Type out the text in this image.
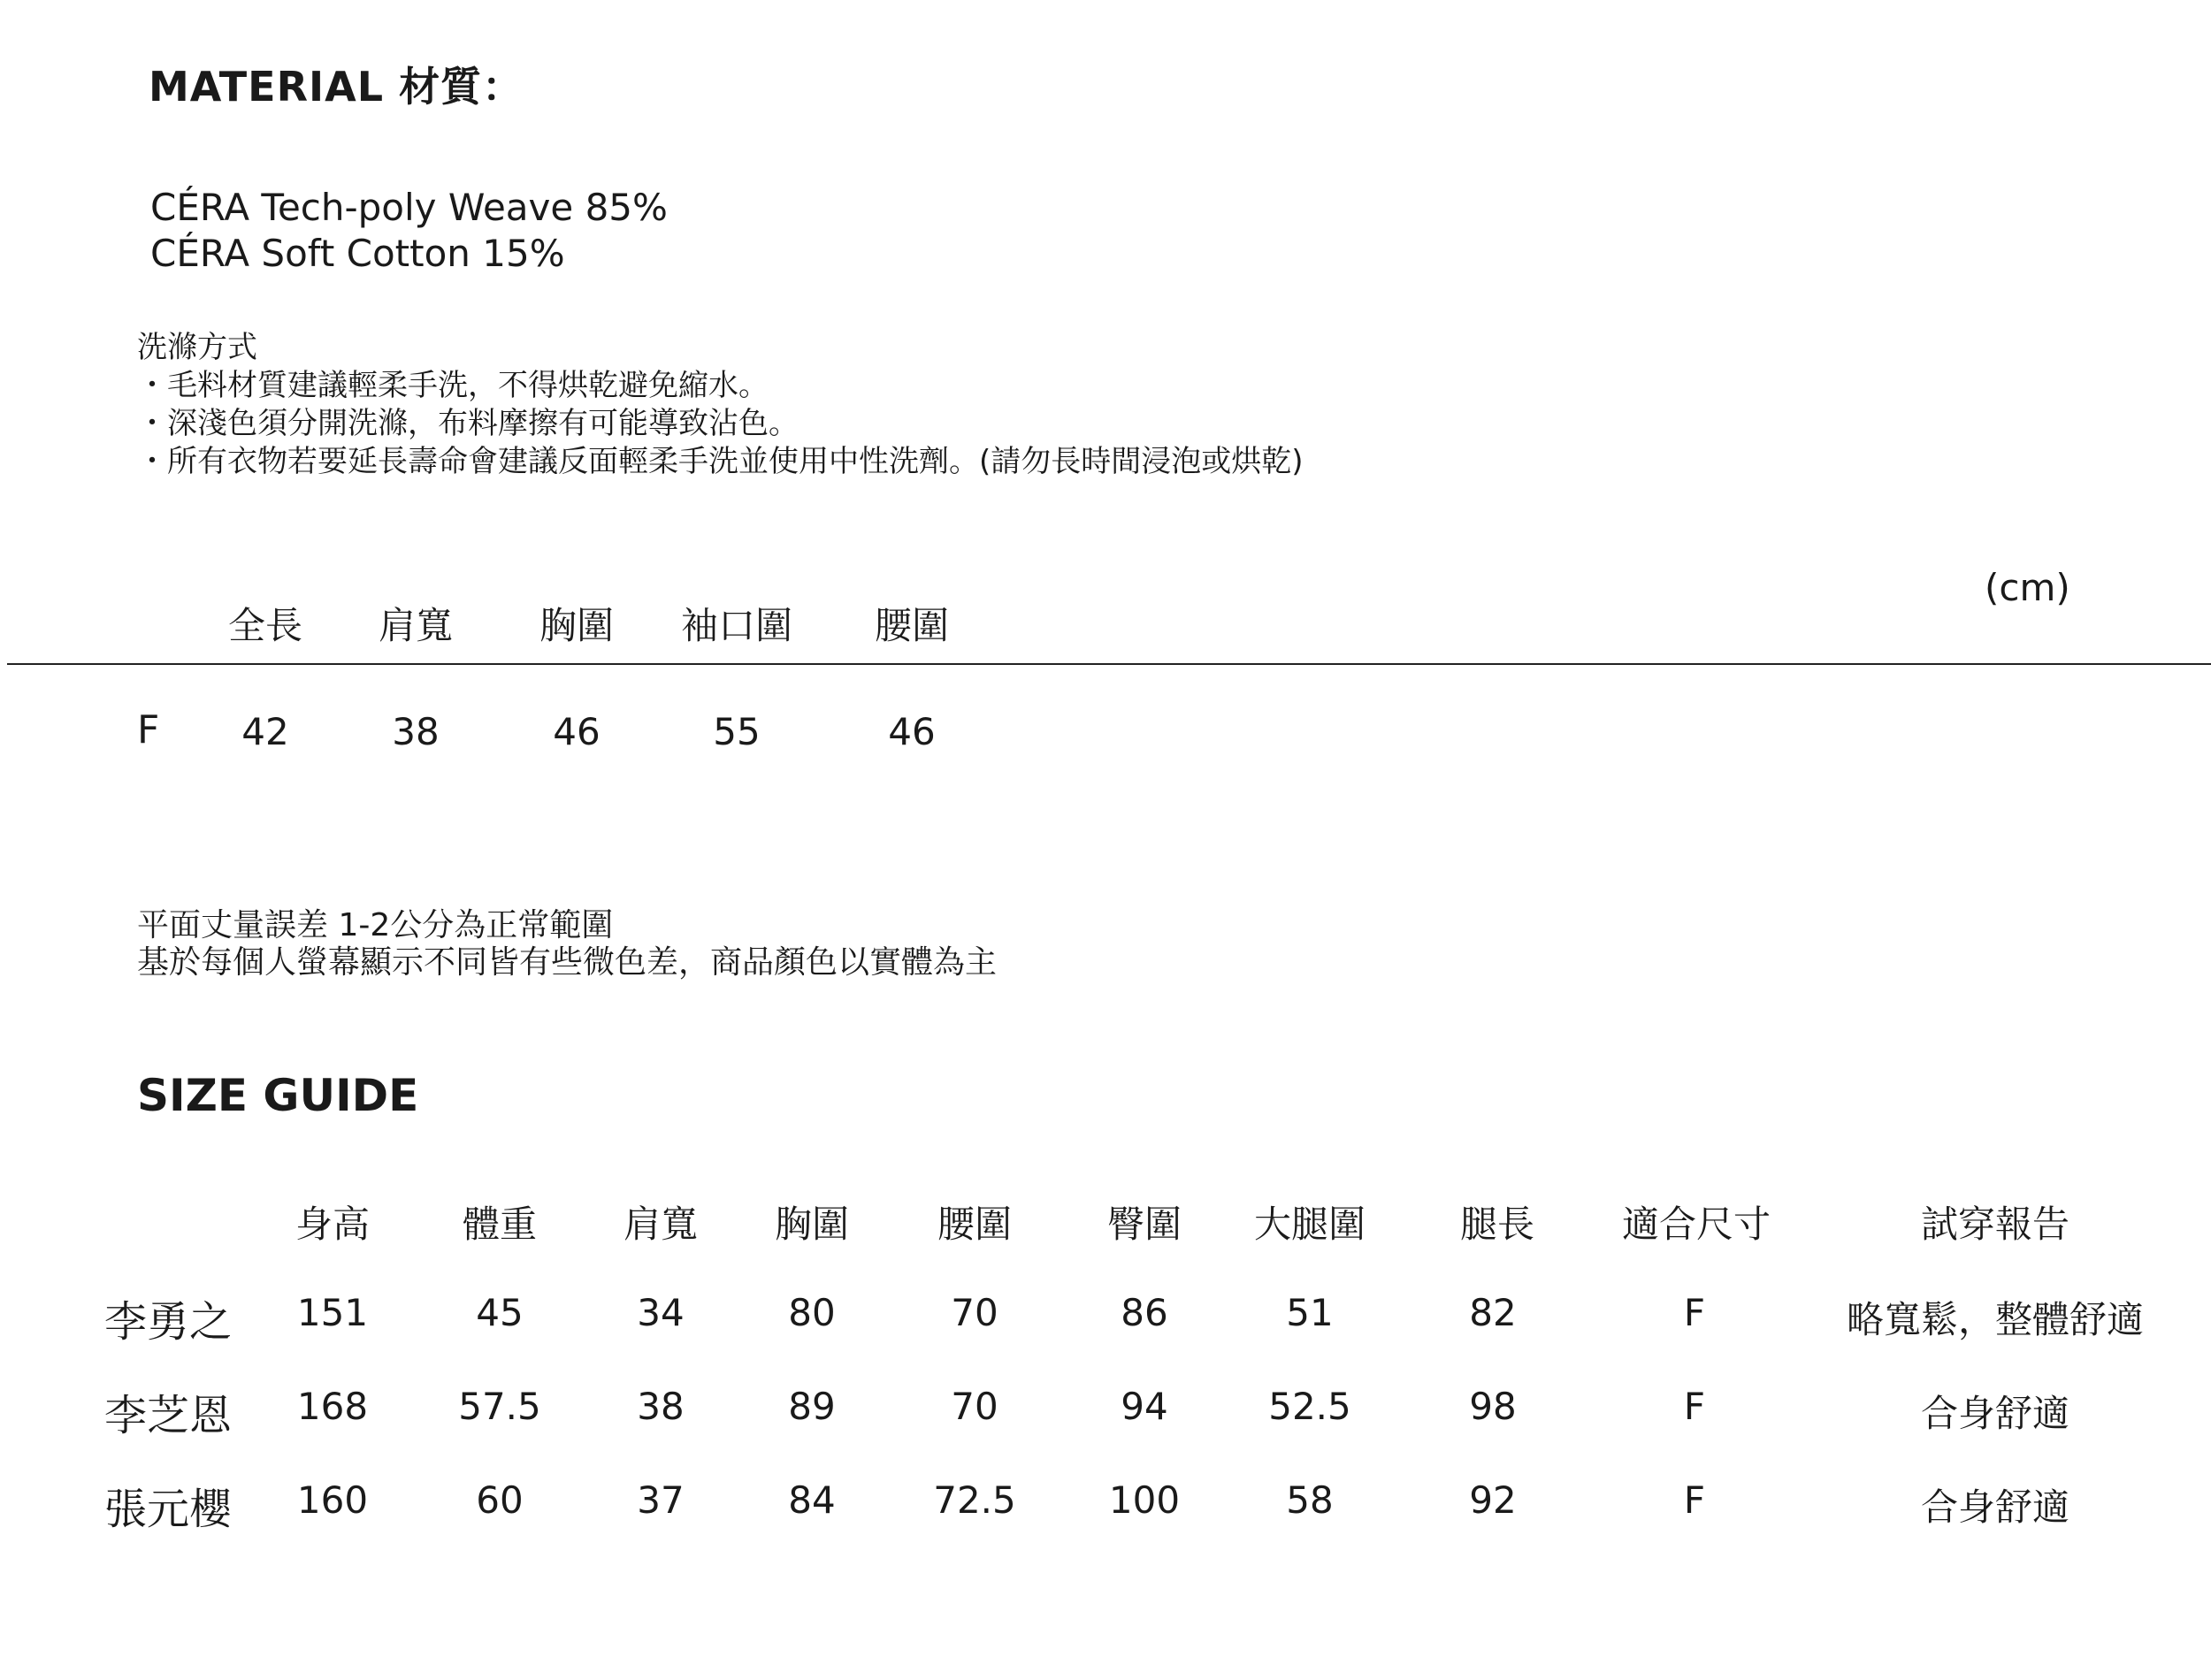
MATERIAL 材質：
CÉRA Tech-poly Weave 85%
CÉRA Soft Cotton 15%
洗滌方式
・毛料材質建議輕柔手洗，不得烘乾避免縮水。
・深淺色須分開洗滌，布料摩擦有可能導致沾色。
・所有衣物若要延長壽命會建議反面輕柔手洗並使用中性洗劑。(請勿長時間浸泡或烘乾)
(cm)
全長 肩寬 胸圍 袖口圍 腰圍
F 42	38	46	55	46
平面丈量誤差 1-2公分為正常範圍
基於每個人螢幕顯示不同皆有些微色差，商品顏色以實體為主
SIZE GUIDE
身高 體重 肩寬 胸圍 腰圍	臀圍 大腿圍	腿長 適合尺寸	試穿報告
李勇之 151	45	34	80	70	86	51	82	F	略寬鬆，整體舒適
李芝恩 168 57.5	38	89	70	94	52.5	98	F	合身舒適
張元櫻 160	60	37	84	72.5	100	58	92	F	合身舒適
